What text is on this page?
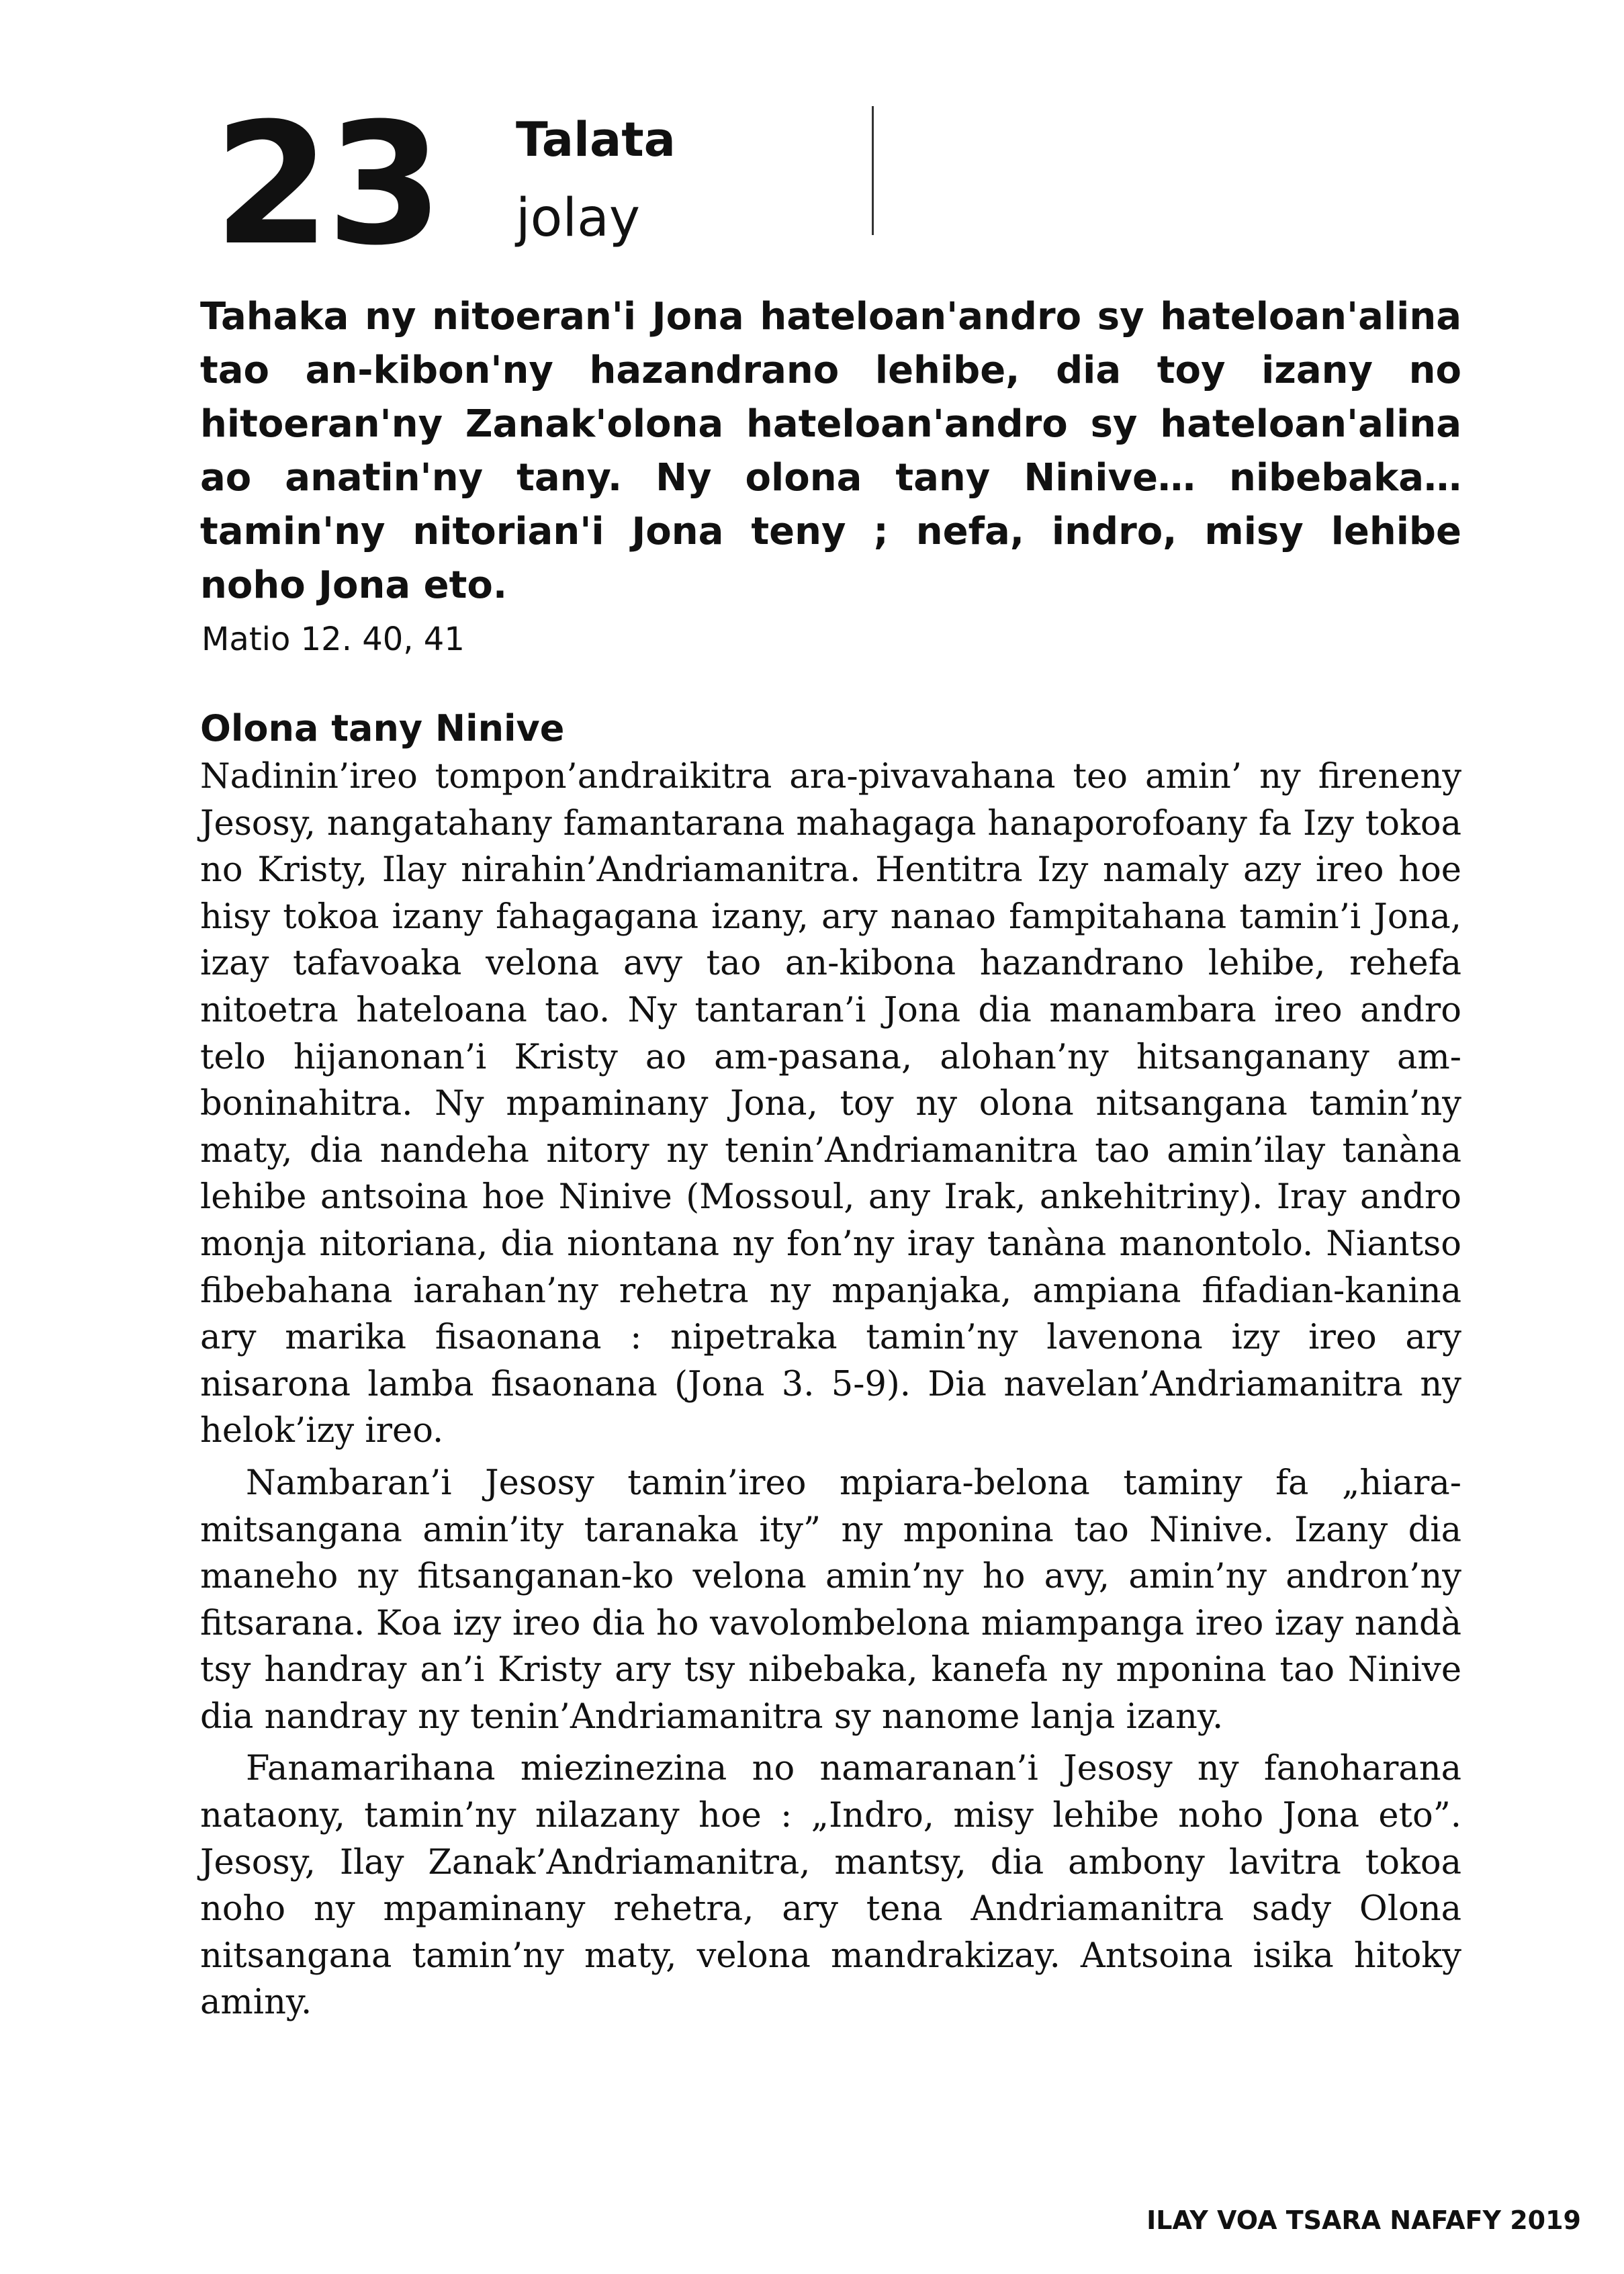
23 Talata
jolay

Tahaka ny nitoeran'i Jona hateloan'andro sy hateloan'alina tao an-kibon'ny hazandrano lehibe, dia toy izany no hitoeran'ny Zanak'olona hateloan'andro sy hateloan'alina ao anatin'ny tany. Ny olona tany Ninive… nibebaka… tamin'ny nitorian'i Jona teny ; nefa, indro, misy lehibe noho Jona eto.

Matio 12. 40, 41
Olona tany Ninive

Nadinin’ireo tompon’andraikitra ara-pivavahana teo amin’ ny fireneny Jesosy, nangatahany famantarana mahagaga hanaporofoany fa Izy tokoa no Kristy, Ilay nirahin’Andriamanitra. Hentitra Izy namaly azy ireo hoe hisy tokoa izany fahagagana izany, ary nanao fampitahana tamin’i Jona, izay tafavoaka velona avy tao an-kibona hazandrano lehibe, rehefa nitoetra hateloana tao. Ny tantaran’i Jona dia manambara ireo andro telo hijanonan’i Kristy ao am-pasana, alohan’ny hitsanganany am-boninahitra. Ny mpaminany Jona, toy ny olona nitsangana tamin’ny maty, dia nandeha nitory ny tenin’Andriamanitra tao amin’ilay tanàna lehibe antsoina hoe Ninive (Mossoul, any Irak, ankehitriny). Iray andro monja nitoriana, dia niontana ny fon’ny iray tanàna manontolo. Niantso fibebahana iarahan’ny rehetra ny mpanjaka, ampiana fifadian-kanina ary marika fisaonana : nipetraka tamin’ny lavenona izy ireo ary nisarona lamba fisaonana (Jona 3. 5-9). Dia navelan’Andriamanitra ny helok’izy ireo.

Nambaran’i Jesosy tamin’ireo mpiara-belona taminy fa „hiara-mitsangana amin’ity taranaka ity” ny mponina tao Ninive. Izany dia maneho ny fitsanganan-ko velona amin’ny ho avy, amin’ny andron’ny fitsarana. Koa izy ireo dia ho vavolombelona miampanga ireo izay nandà tsy handray an’i Kristy ary tsy nibebaka, kanefa ny mponina tao Ninive dia nandray ny tenin’Andriamanitra sy nanome lanja izany.

Fanamarihana miezinezina no namaranan’i Jesosy ny fanoharana nataony, tamin’ny nilazany hoe : „Indro, misy lehibe noho Jona eto”. Jesosy, Ilay Zanak’Andriamanitra, mantsy, dia ambony lavitra tokoa noho ny mpaminany rehetra, ary tena Andriamanitra sady Olona nitsangana tamin’ny maty, velona mandrakizay. Antsoina isika hitoky aminy.

ILAY VOA TSARA NAFAFY 2019
